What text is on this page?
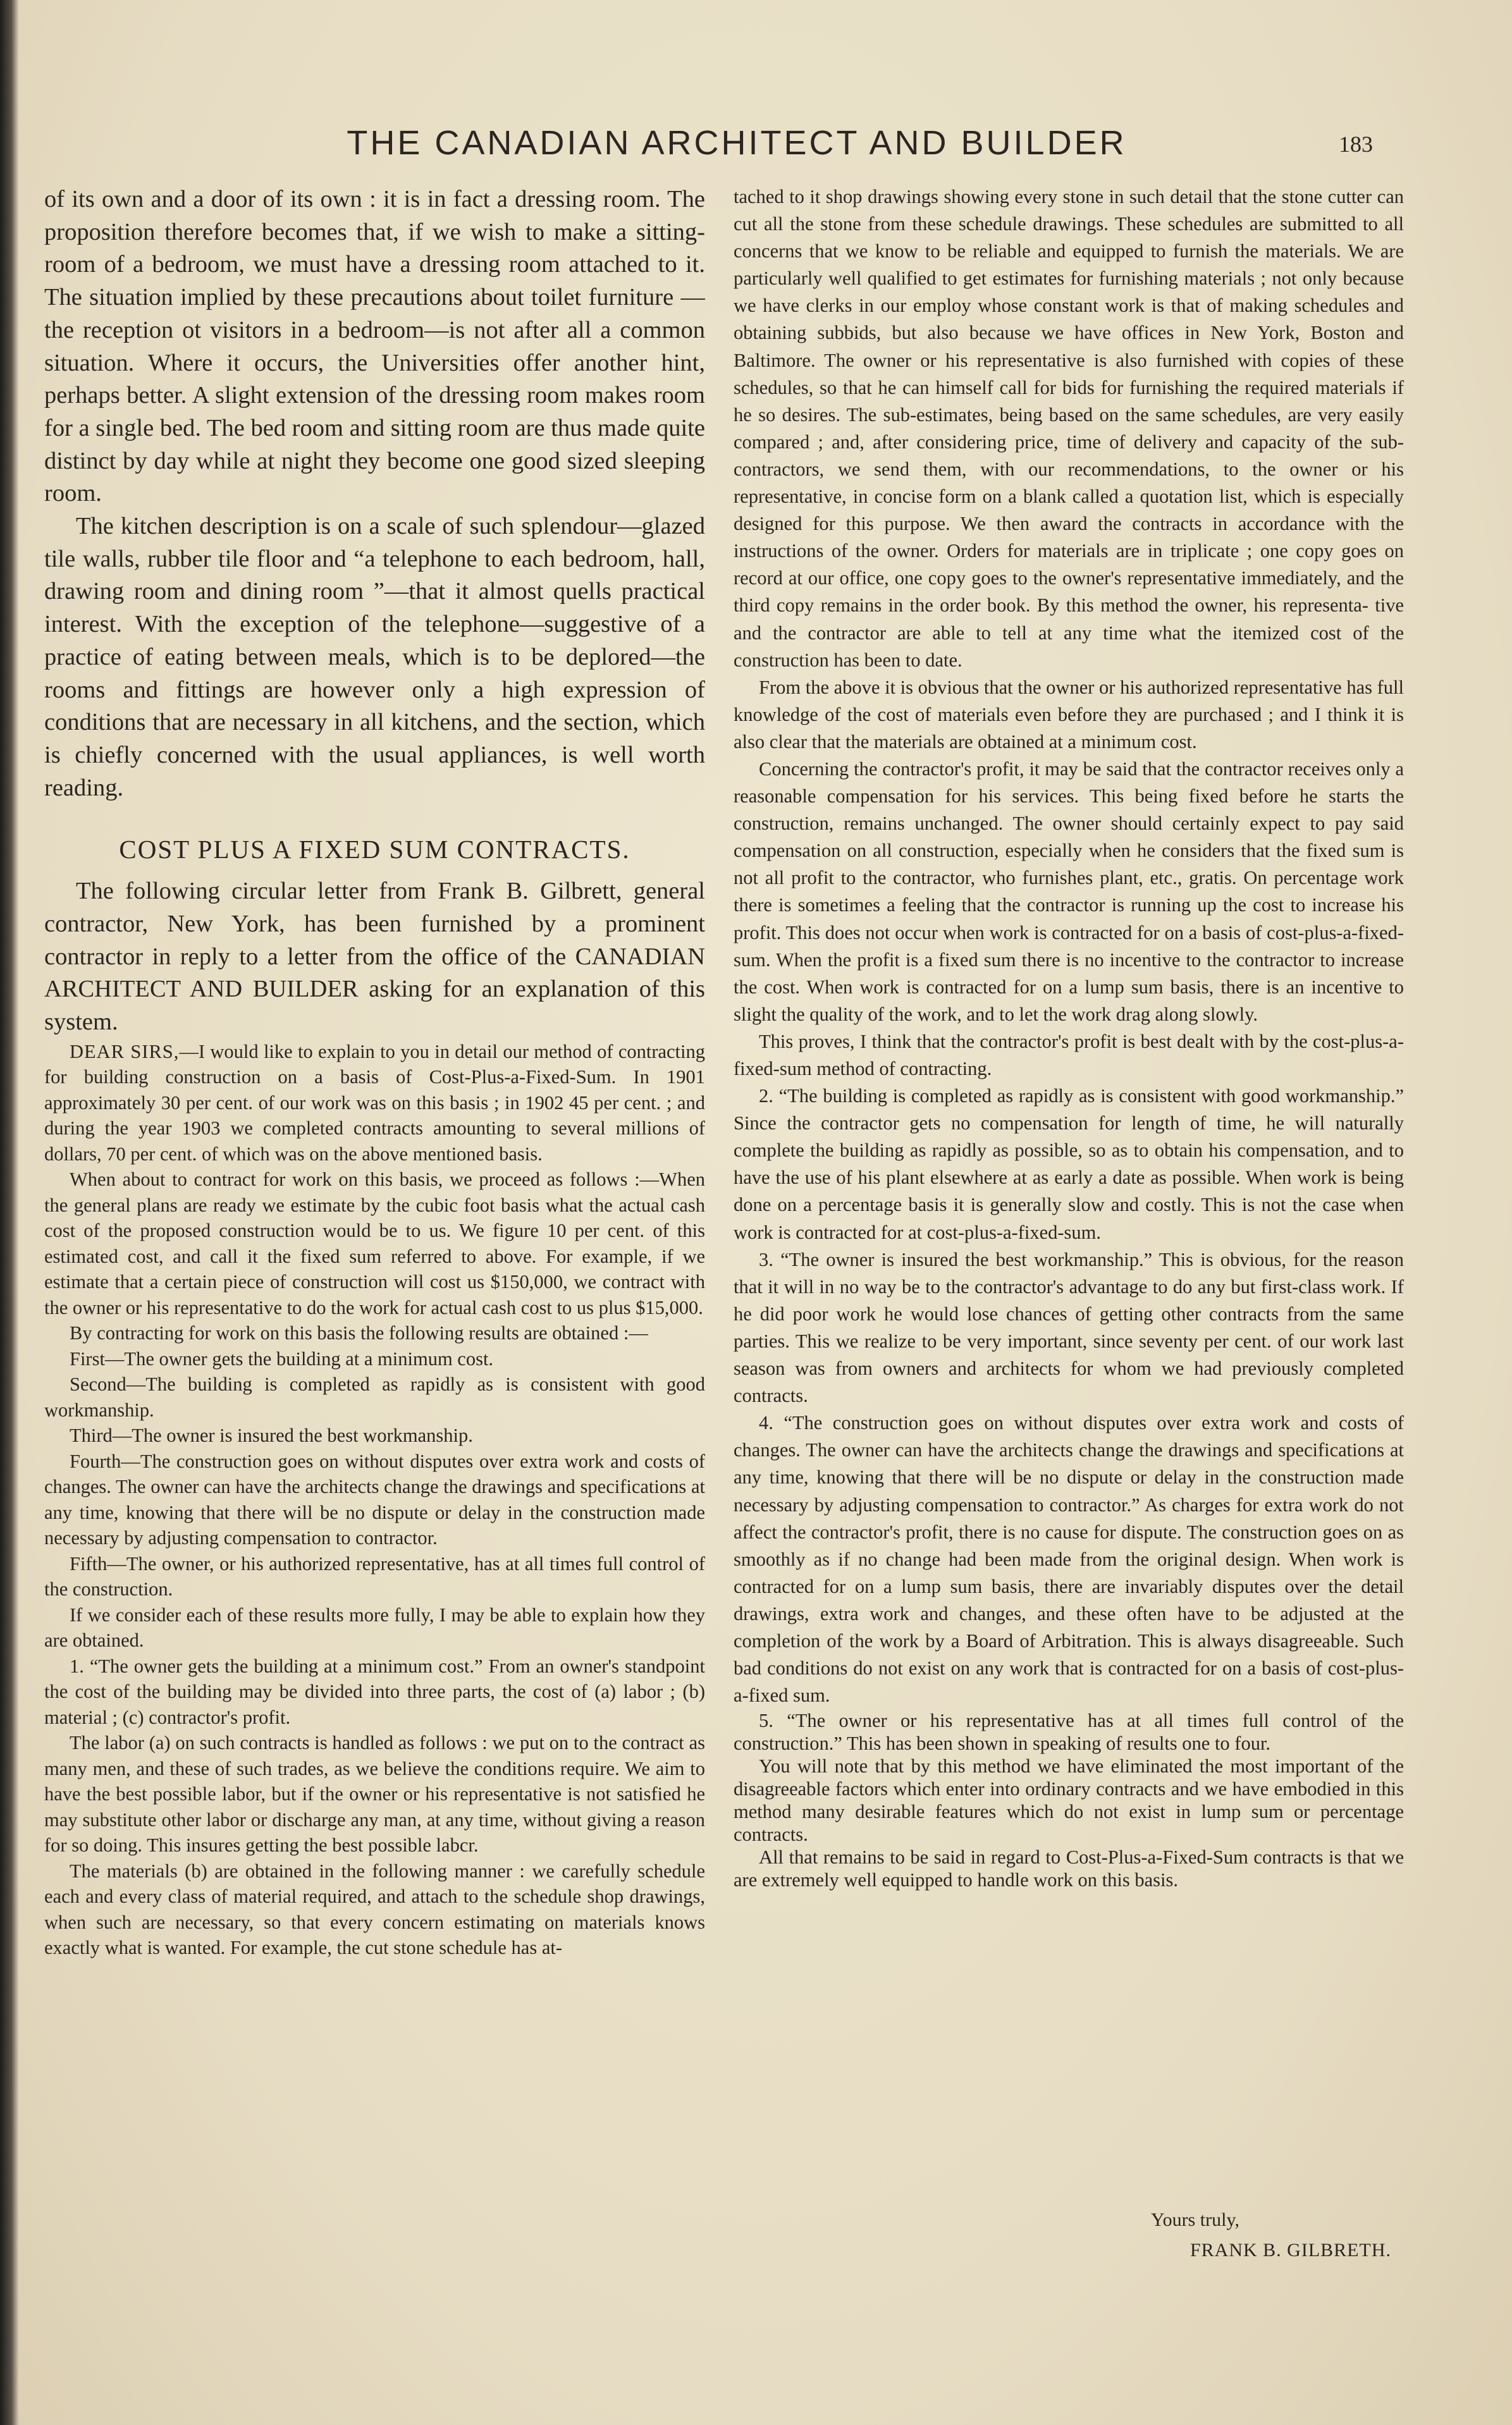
THE CANADIAN ARCHITECT AND BUILDER	183

of its own and a door of its own : it is in fact a dressing room. The proposition therefore becomes that, if we wish to make a sitting-room of a bedroom, we must have a dressing room attached to it. The situation implied by these precautions about toilet furniture —the reception ot visitors in a bedroom—is not after all a common situation. Where it occurs, the Universities offer another hint, perhaps better. A slight extension of the dressing room makes room for a single bed. The bed room and sitting room are thus made quite distinct by day while at night they become one good sized sleeping room.

The kitchen description is on a scale of such splendour—glazed tile walls, rubber tile floor and “a telephone to each bedroom, hall, drawing room and dining room ”—that it almost quells practical interest. With the exception of the telephone—suggestive of a practice of eating between meals, which is to be deplored—the rooms and fittings are however only a high expression of conditions that are necessary in all kitchens, and the section, which is chiefly concerned with the usual appliances, is well worth reading.

COST PLUS A FIXED SUM CONTRACTS.

The following circular letter from Frank B. Gilbrett, general contractor, New York, has been furnished by a prominent contractor in reply to a letter from the office of the CANADIAN ARCHITECT AND BUILDER asking for an explanation of this system.

DEAR SIRS,—I would like to explain to you in detail our method of contracting for building construction on a basis of Cost-Plus-a-Fixed-Sum. In 1901 approximately 30 per cent. of our work was on this basis ; in 1902 45 per cent. ; and during the year 1903 we completed contracts amounting to several millions of dollars, 70 per cent. of which was on the above mentioned basis.

When about to contract for work on this basis, we proceed as follows :—When the general plans are ready we estimate by the cubic foot basis what the actual cash cost of the proposed construction would be to us. We figure 10 per cent. of this estimated cost, and call it the fixed sum referred to above. For example, if we estimate that a certain piece of construction will cost us $150,000, we contract with the owner or his representative to do the work for actual cash cost to us plus $15,000.

By contracting for work on this basis the following results are obtained :—

First—The owner gets the building at a minimum cost.

Second—The building is completed as rapidly as is consistent with good workmanship.

Third—The owner is insured the best workmanship.

Fourth—The construction goes on without disputes over extra work and costs of changes. The owner can have the architects change the drawings and specifications at any time, knowing that there will be no dispute or delay in the construction made necessary by adjusting compensation to contractor.

Fifth—The owner, or his authorized representative, has at all times full control of the construction.

If we consider each of these results more fully, I may be able to explain how they are obtained.

1. “The owner gets the building at a minimum cost.” From an owner's standpoint the cost of the building may be divided into three parts, the cost of (a) labor ; (b) material ; (c) contractor's profit.

The labor (a) on such contracts is handled as follows : we put on to the contract as many men, and these of such trades, as we believe the conditions require. We aim to have the best possible labor, but if the owner or his representative is not satisfied he may substitute other labor or discharge any man, at any time, without giving a reason for so doing. This insures getting the best possible labcr.

The materials (b) are obtained in the following manner : we carefully schedule each and every class of material required, and attach to the schedule shop drawings, when such are necessary, so that every concern estimating on materials knows exactly what is wanted. For example, the cut stone schedule has at-

tached to it shop drawings showing every stone in such detail that the stone cutter can cut all the stone from these schedule drawings. These schedules are submitted to all concerns that we know to be reliable and equipped to furnish the materials. We are particularly well qualified to get estimates for furnishing materials ; not only because we have clerks in our employ whose constant work is that of making schedules and obtaining subbids, but also because we have offices in New York, Boston and Baltimore. The owner or his representative is also furnished with copies of these schedules, so that he can himself call for bids for furnishing the required materials if he so desires. The sub-estimates, being based on the same schedules, are very easily compared ; and, after considering price, time of delivery and capacity of the sub-contractors, we send them, with our recommendations, to the owner or his representative, in concise form on a blank called a quotation list, which is especially designed for this purpose. We then award the contracts in accordance with the instructions of the owner. Orders for materials are in triplicate ; one copy goes on record at our office, one copy goes to the owner's representative immediately, and the third copy remains in the order book. By this method the owner, his representa- tive and the contractor are able to tell at any time what the itemized cost of the construction has been to date.

From the above it is obvious that the owner or his authorized representative has full knowledge of the cost of materials even before they are purchased ; and I think it is also clear that the materials are obtained at a minimum cost.

Concerning the contractor's profit, it may be said that the contractor receives only a reasonable compensation for his services. This being fixed before he starts the construction, remains unchanged. The owner should certainly expect to pay said compensation on all construction, especially when he considers that the fixed sum is not all profit to the contractor, who furnishes plant, etc., gratis. On percentage work there is sometimes a feeling that the contractor is running up the cost to increase his profit. This does not occur when work is contracted for on a basis of cost-plus-a-fixed-sum. When the profit is a fixed sum there is no incentive to the contractor to increase the cost. When work is contracted for on a lump sum basis, there is an incentive to slight the quality of the work, and to let the work drag along slowly.

This proves, I think that the contractor's profit is best dealt with by the cost-plus-a-fixed-sum method of contracting.

2. “The building is completed as rapidly as is consistent with good workmanship.” Since the contractor gets no compensation for length of time, he will naturally complete the building as rapidly as possible, so as to obtain his compensation, and to have the use of his plant elsewhere at as early a date as possible. When work is being done on a percentage basis it is generally slow and costly. This is not the case when work is contracted for at cost-plus-a-fixed-sum.

3. “The owner is insured the best workmanship.” This is obvious, for the reason that it will in no way be to the contractor's advantage to do any but first-class work. If he did poor work he would lose chances of getting other contracts from the same parties. This we realize to be very important, since seventy per cent. of our work last season was from owners and architects for whom we had previously completed contracts.

4. “The construction goes on without disputes over extra work and costs of changes. The owner can have the architects change the drawings and specifications at any time, knowing that there will be no dispute or delay in the construction made necessary by adjusting compensation to contractor.” As charges for extra work do not affect the contractor's profit, there is no cause for dispute. The construction goes on as smoothly as if no change had been made from the original design. When work is contracted for on a lump sum basis, there are invariably disputes over the detail drawings, extra work and changes, and these often have to be adjusted at the completion of the work by a Board of Arbitration. This is always disagreeable. Such bad conditions do not exist on any work that is contracted for on a basis of cost-plus-a-fixed sum.

5. “The owner or his representative has at all times full control of the construction.” This has been shown in speaking of results one to four.

You will note that by this method we have eliminated the most important of the disagreeable factors which enter into ordinary contracts and we have embodied in this method many desirable features which do not exist in lump sum or percentage contracts.

All that remains to be said in regard to Cost-Plus-a-Fixed-Sum contracts is that we are extremely well equipped to handle work on this basis.

Yours truly,
FRANK B. GILBRETH.
